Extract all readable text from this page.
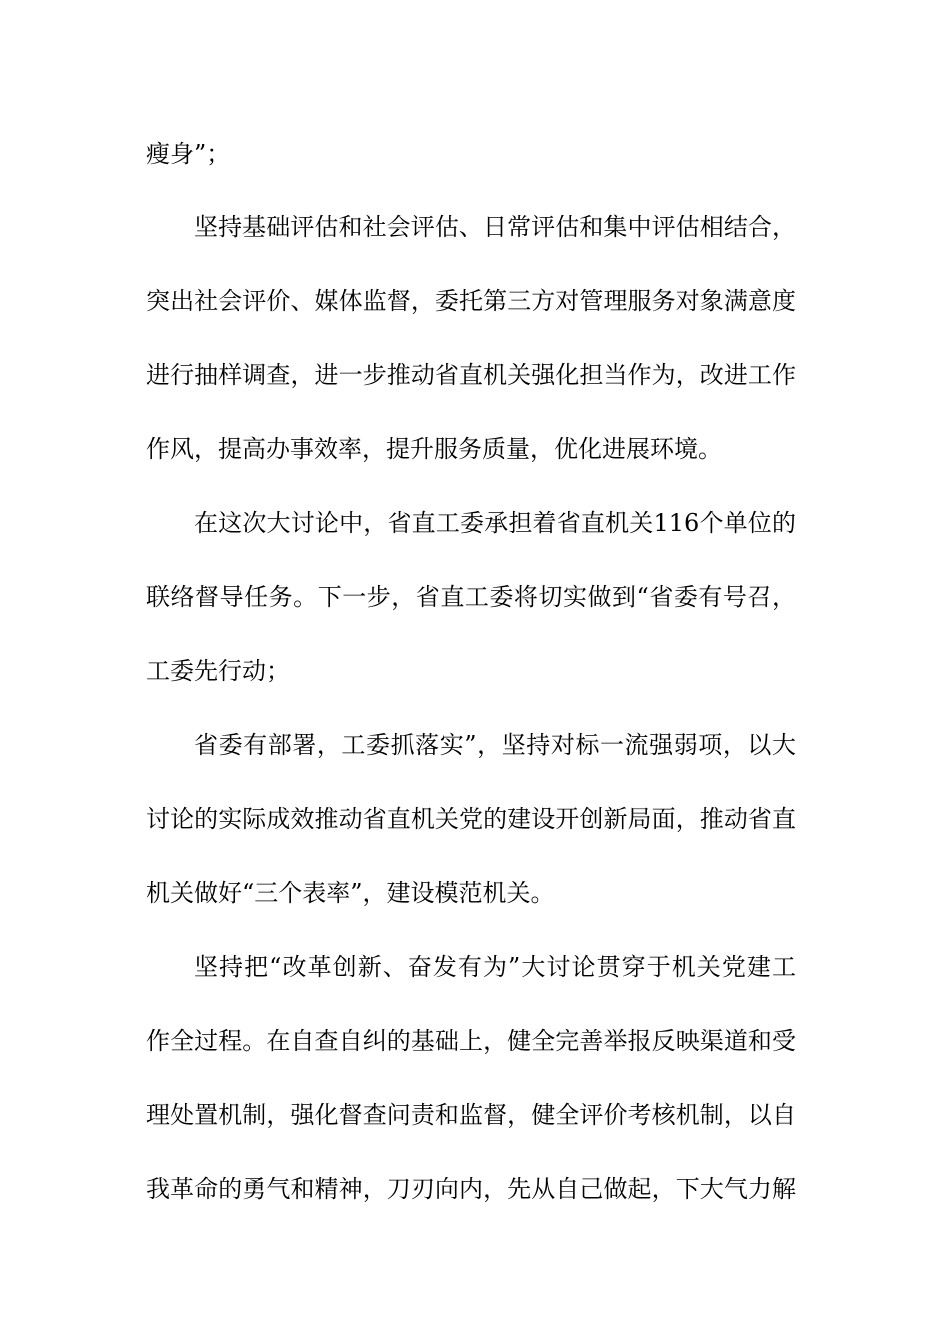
瘦身”；
坚持基础评估和社会评估、日常评估和集中评估相结合，
突出社会评价、媒体监督，委托第三方对管理服务对象满意度
进行抽样调查，进一步推动省直机关强化担当作为，改进工作
作风，提高办事效率，提升服务质量，优化进展环境。
在这次大讨论中，省直工委承担着省直机关116个单位的
联络督导任务。下一步，省直工委将切实做到“省委有号召，
工委先行动；
省委有部署，工委抓落实”，坚持对标一流强弱项，以大
讨论的实际成效推动省直机关党的建设开创新局面，推动省直
机关做好“三个表率”，建设模范机关。
坚持把“改革创新、奋发有为”大讨论贯穿于机关党建工
作全过程。在自查自纠的基础上，健全完善举报反映渠道和受
理处置机制，强化督查问责和监督，健全评价考核机制，以自
我革命的勇气和精神，刀刃向内，先从自己做起，下大气力解
